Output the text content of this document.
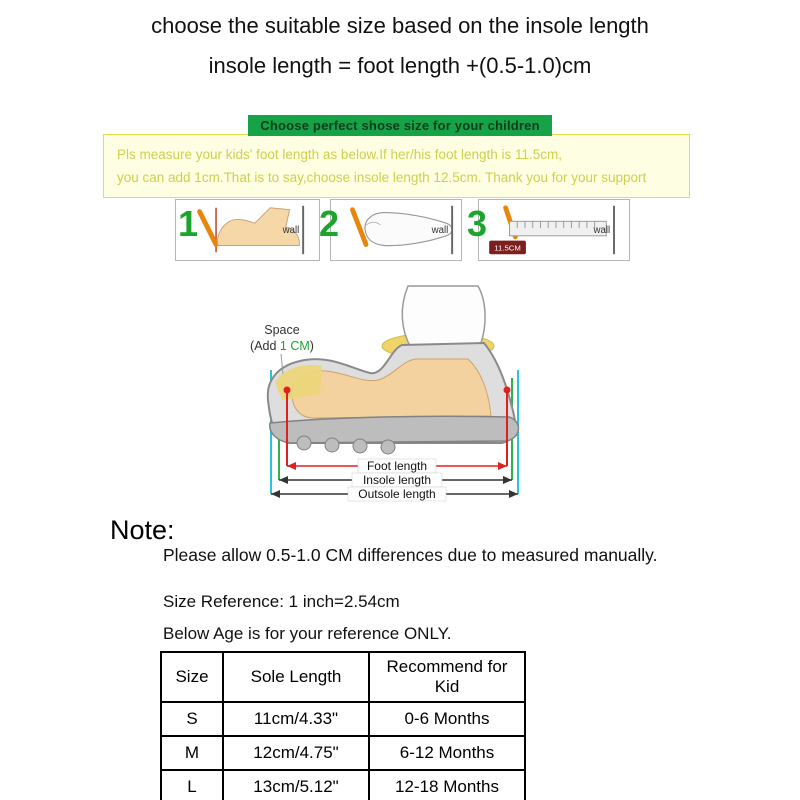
choose the suitable size based on the insole length
insole length = foot length +(0.5-1.0)cm
Choose perfect shose size for your children
Pls measure your kids' foot length as below.If her/his foot length is 11.5cm,
you can add 1cm.That is to say,choose insole length 12.5cm. Thank you for your support
1	wall 2	wall 3
11.5CM
wall
Space
(Add 1 CM)
Foot length
Insole length
Outsole length
Note:
Please allow 0.5-1.0 CM differences due to measured manually.
Size Reference: 1 inch=2.54cm
Below Age is for your reference ONLY.
Size	Sole Length	Recommend for Kid
S	11cm/4.33"	0-6 Months
M	12cm/4.75"	6-12 Months
L	13cm/5.12"	12-18 Months
